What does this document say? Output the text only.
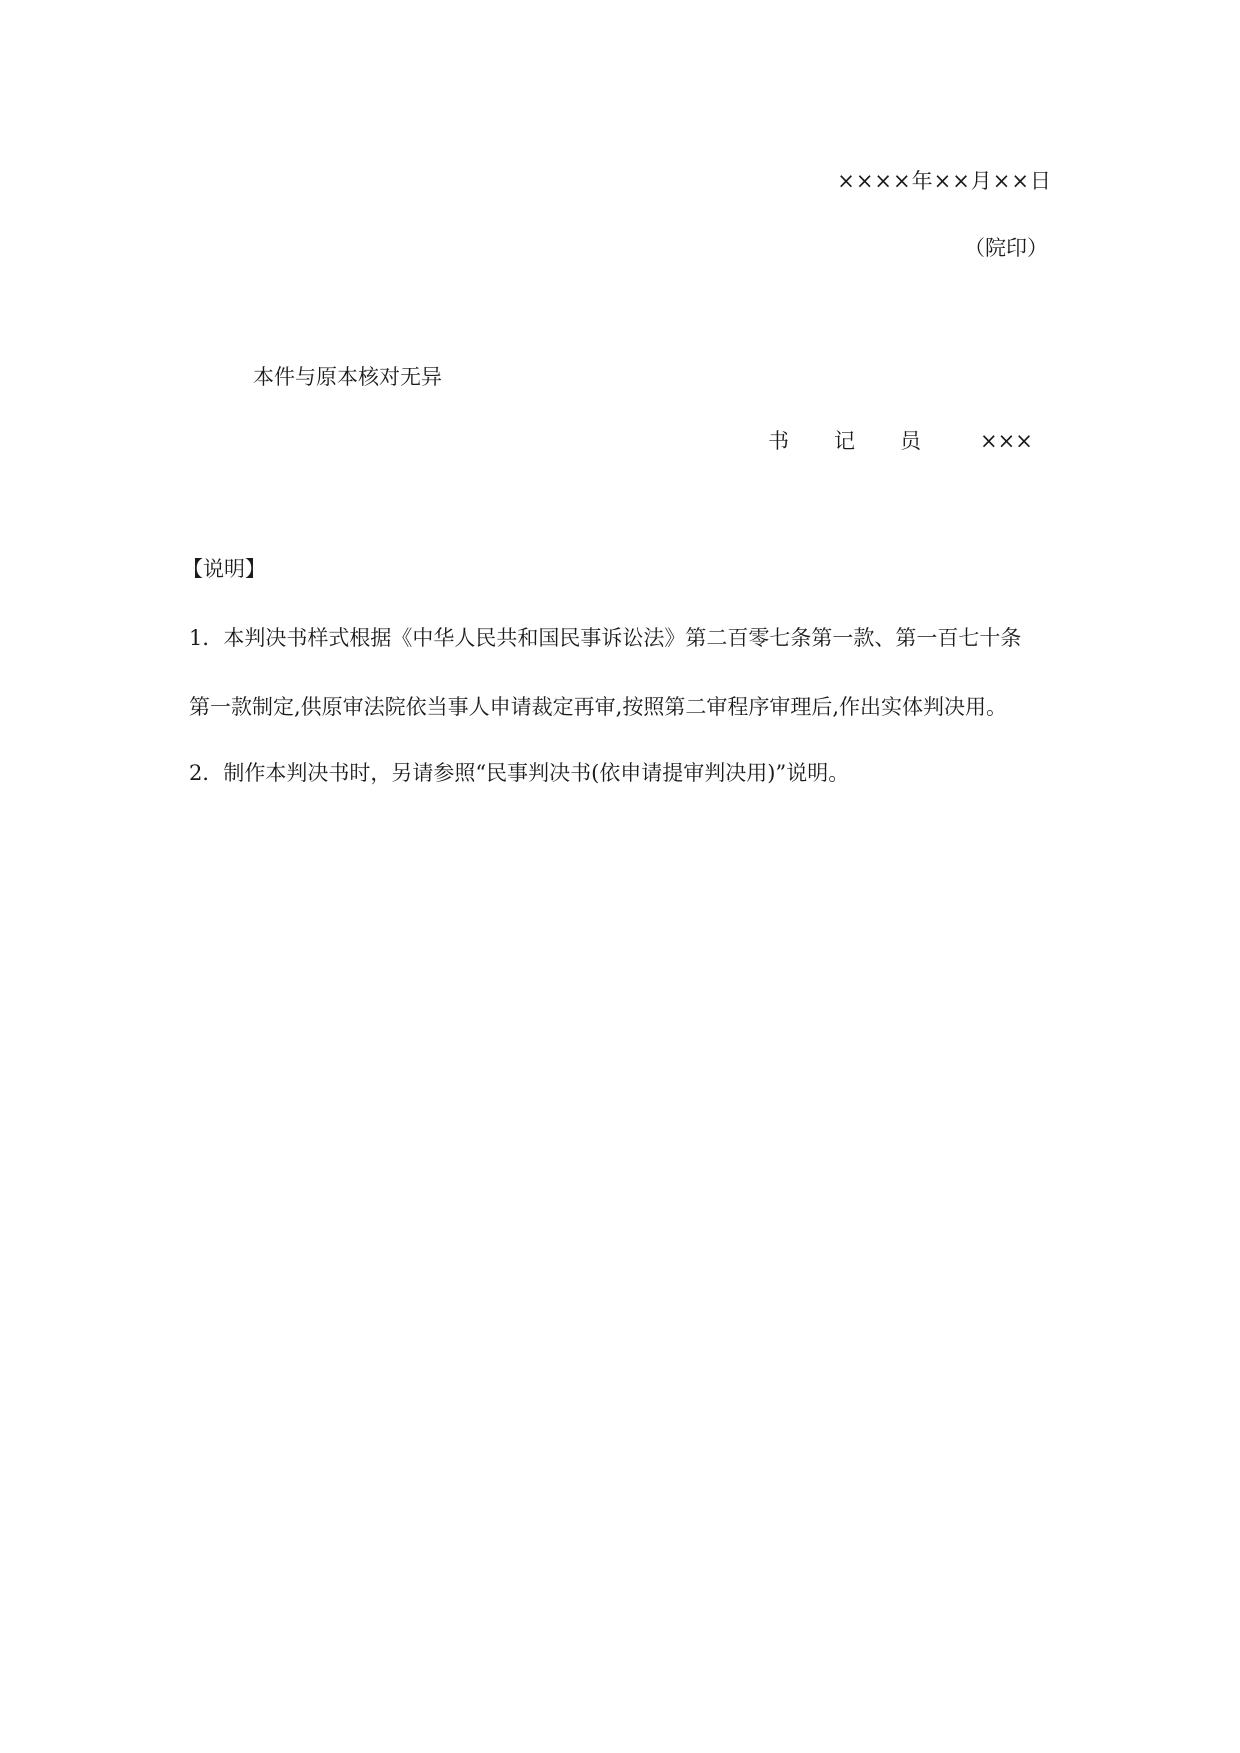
××××年××月××日
（院印）
本件与原本核对无异
书 记 员	×××
【说明】
1．本判决书样式根据《中华人民共和国民事诉讼法》第二百零七条第一款、第一百七十条
第一款制定,供原审法院依当事人申请裁定再审,按照第二审程序审理后,作出实体判决用。
2．制作本判决书时，另请参照“民事判决书(依申请提审判决用)”说明。
